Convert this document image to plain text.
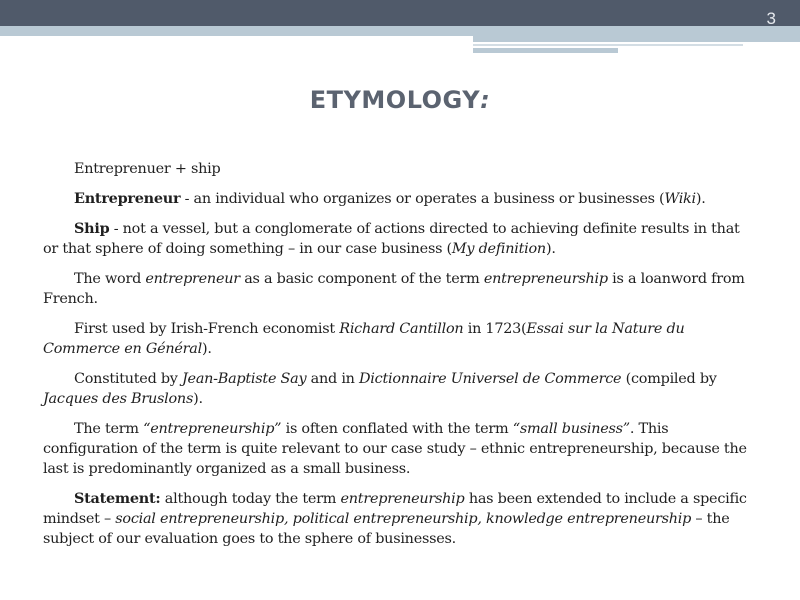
3
ETYMOLOGY:

Entreprenuer + ship

Entrepreneur - an individual who organizes or operates a business or businesses (Wiki).

Ship - not a vessel, but a conglomerate of actions directed to achieving definite results in that or that sphere of doing something – in our case business (My definition).

The word entrepreneur as a basic component of the term entrepreneurship is a loanword from French.

First used by Irish-French economist Richard Cantillon in 1723(Essai sur la Nature du Commerce en Général).

Constituted by Jean-Baptiste Say and in Dictionnaire Universel de Commerce (compiled by Jacques des Bruslons).

The term “entrepreneurship” is often conflated with the term “small business”. This configuration of the term is quite relevant to our case study – ethnic entrepreneurship, because the last is predominantly organized as a small business.

Statement: although today the term entrepreneurship has been extended to include a specific mindset – social entrepreneurship, political entrepreneurship, knowledge entrepreneurship – the subject of our evaluation goes to the sphere of businesses.
